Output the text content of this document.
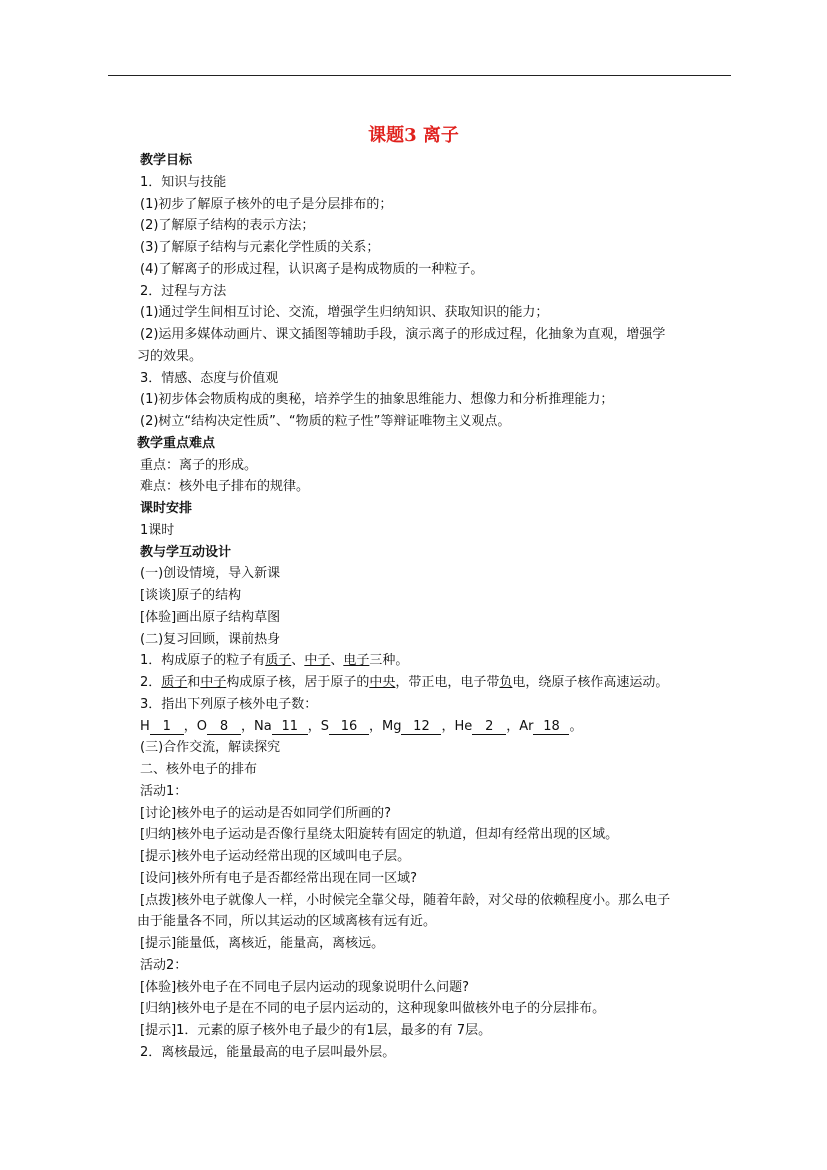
课题3 离子
教学目标
1．知识与技能
(1)初步了解原子核外的电子是分层排布的；
(2)了解原子结构的表示方法；
(3)了解原子结构与元素化学性质的关系；
(4)了解离子的形成过程，认识离子是构成物质的一种粒子。
2．过程与方法
(1)通过学生间相互讨论、交流，增强学生归纳知识、获取知识的能力；
(2)运用多媒体动画片、课文插图等辅助手段，演示离子的形成过程，化抽象为直观，增强学
习的效果。
3．情感、态度与价值观
(1)初步体会物质构成的奥秘，培养学生的抽象思维能力、想像力和分析推理能力；
(2)树立“结构决定性质”、“物质的粒子性”等辩证唯物主义观点。
教学重点难点
重点：离子的形成。
难点：核外电子排布的规律。
课时安排
1课时
教与学互动设计
(一)创设情境，导入新课
[谈谈]原子的结构
[体验]画出原子结构草图
(二)复习回顾，课前热身
1．构成原子的粒子有质子、中子、电子三种。
2．质子和中子构成原子核，居于原子的中央，带正电，电子带负电，绕原子核作高速运动。
3．指出下列原子核外电子数：
H 1 ，O 8 ，Na 11 ，S 16 ，Mg 12 ，He 2 ，Ar 18 。
(三)合作交流，解读探究
二、核外电子的排布
活动1：
[讨论]核外电子的运动是否如同学们所画的?
[归纳]核外电子运动是否像行星绕太阳旋转有固定的轨道，但却有经常出现的区域。
[提示]核外电子运动经常出现的区域叫电子层。
[设问]核外所有电子是否都经常出现在同一区域?
[点拨]核外电子就像人一样，小时候完全靠父母，随着年龄，对父母的依赖程度小。那么电子
由于能量各不同，所以其运动的区域离核有远有近。
[提示]能量低，离核近，能量高，离核远。
活动2：
[体验]核外电子在不同电子层内运动的现象说明什么问题?
[归纳]核外电子是在不同的电子层内运动的，这种现象叫做核外电子的分层排布。
[提示]1．元素的原子核外电子最少的有1层，最多的有 7层。
2．离核最远，能量最高的电子层叫最外层。
